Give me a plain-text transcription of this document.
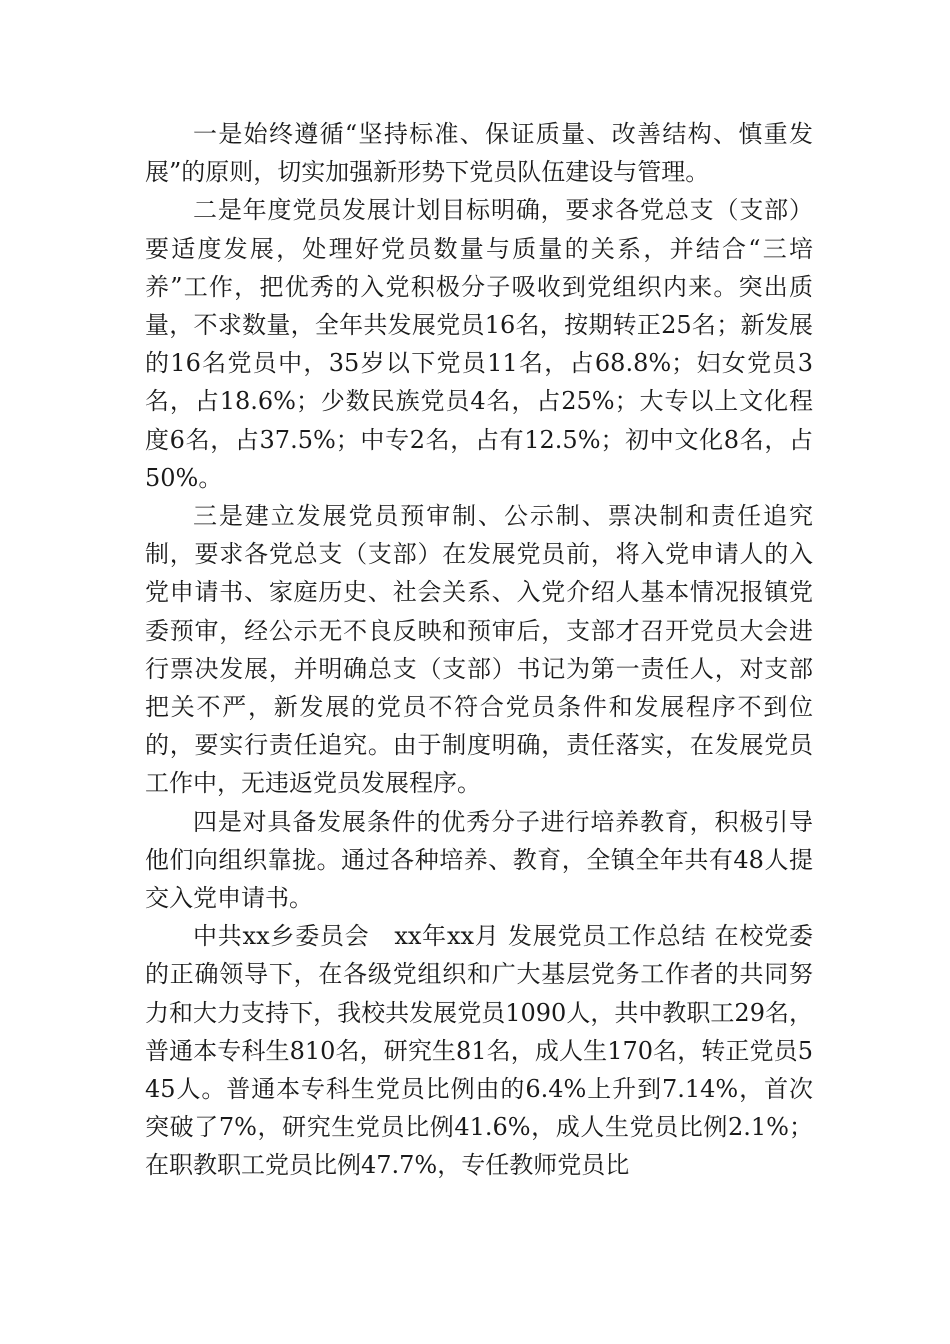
一是始终遵循“坚持标准、保证质量、改善结构、慎重发展”的原则，切实加强新形势下党员队伍建设与管理。

二是年度党员发展计划目标明确，要求各党总支（支部）要适度发展，处理好党员数量与质量的关系，并结合“三培养”工作，把优秀的入党积极分子吸收到党组织内来。突出质量，不求数量，全年共发展党员16名，按期转正25名；新发展的16名党员中，35岁以下党员11名，占68.8%；妇女党员3名，占18.6%；少数民族党员4名，占25%；大专以上文化程度6名，占37.5%；中专2名，占有12.5%；初中文化8名，占50%。

三是建立发展党员预审制、公示制、票决制和责任追究制，要求各党总支（支部）在发展党员前，将入党申请人的入党申请书、家庭历史、社会关系、入党介绍人基本情况报镇党委预审，经公示无不良反映和预审后，支部才召开党员大会进行票决发展，并明确总支（支部）书记为第一责任人，对支部把关不严，新发展的党员不符合党员条件和发展程序不到位的，要实行责任追究。由于制度明确，责任落实，在发展党员工作中，无违返党员发展程序。

四是对具备发展条件的优秀分子进行培养教育，积极引导他们向组织靠拢。通过各种培养、教育，全镇全年共有48人提交入党申请书。

中共xx乡委员会　xx年xx月 发展党员工作总结 在校党委的正确领导下，在各级党组织和广大基层党务工作者的共同努力和大力支持下，我校共发展党员1090人，共中教职工29名，普通本专科生810名，研究生81名，成人生170名，转正党员545人。普通本专科生党员比例由的6.4%上升到7.14%，首次突破了7%，研究生党员比例41.6%，成人生党员比例2.1%；在职教职工党员比例47.7%，专任教师党员比
